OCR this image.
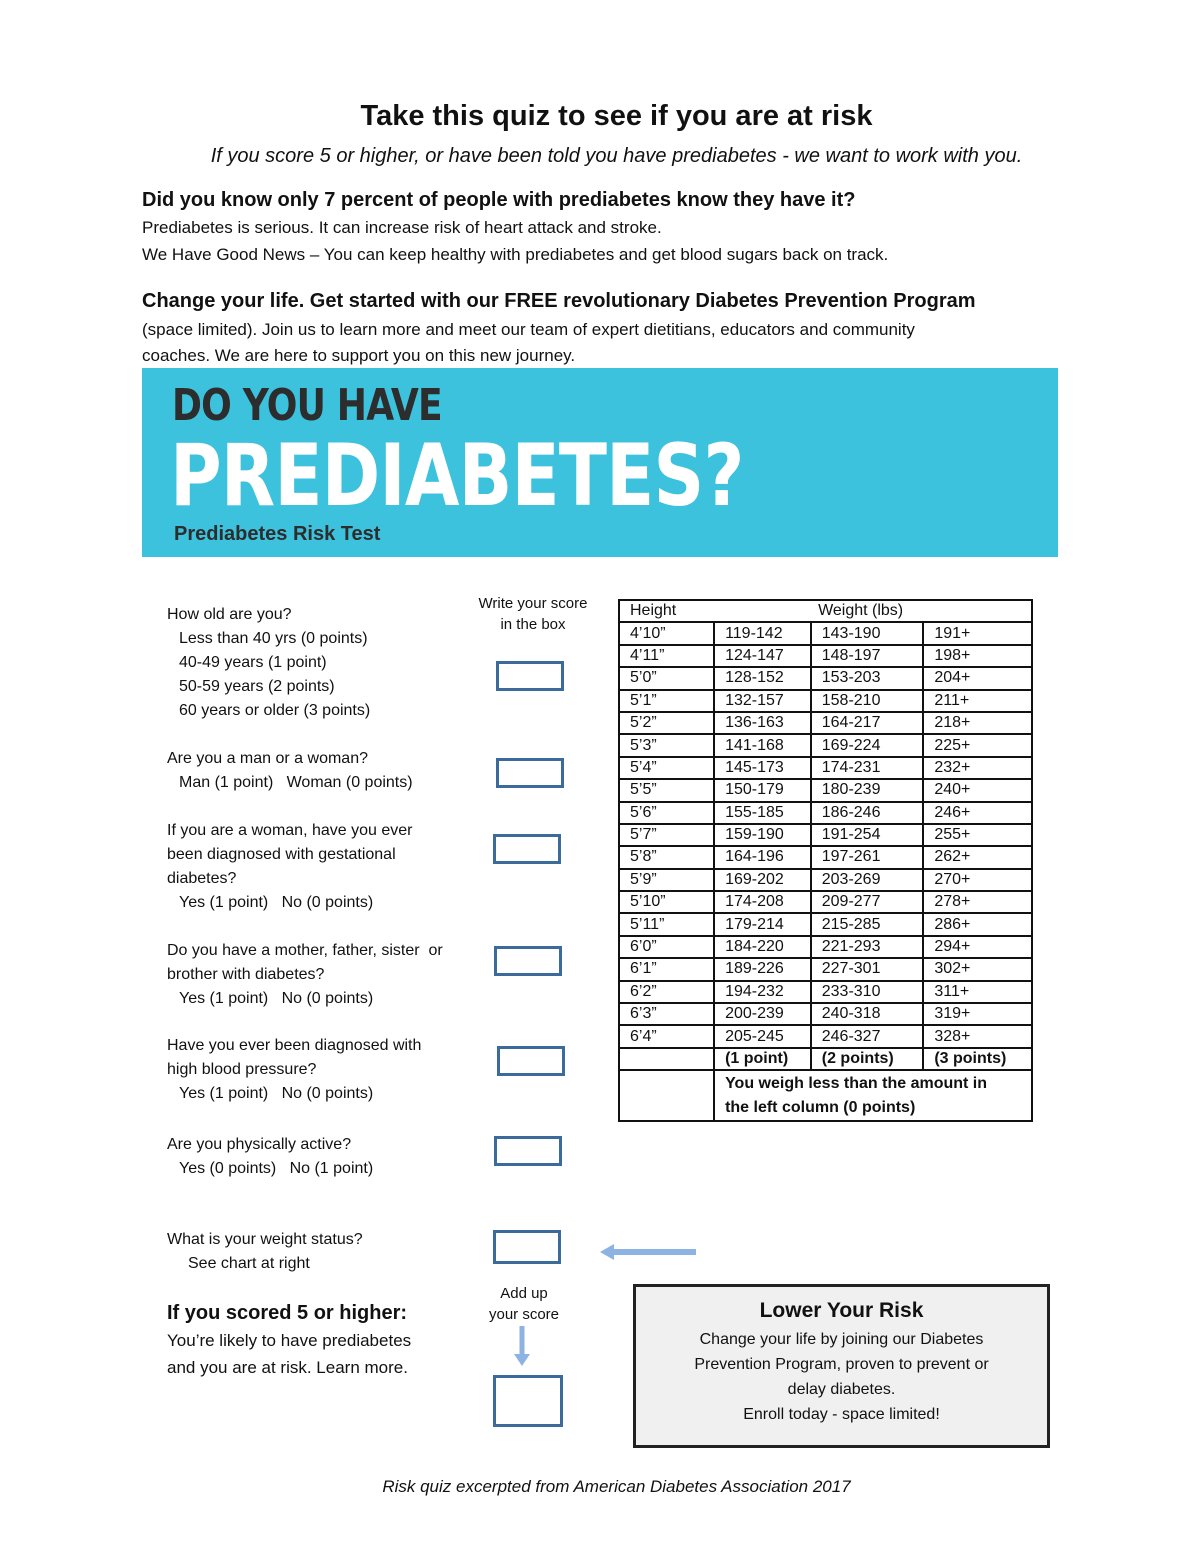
Take this quiz to see if you are at risk
If you score 5 or higher, or have been told you have prediabetes - we want to work with you.
Did you know only 7 percent of people with prediabetes know they have it?
Prediabetes is serious. It can increase risk of heart attack and stroke.
We Have Good News – You can keep healthy with prediabetes and get blood sugars back on track.
Change your life. Get started with our FREE revolutionary Diabetes Prevention Program
(space limited). Join us to learn more and meet our team of expert dietitians, educators and community
coaches. We are here to support you on this new journey.
DO YOU HAVE
PREDIABETES?
Prediabetes Risk Test
Write your score
in the box
How old are you?
Less than 40 yrs (0 points)
40-49 years (1 point)
50-59 years (2 points)
60 years or older (3 points)
Are you a man or a woman?
Man (1 point)   Woman (0 points)
If you are a woman, have you ever
been diagnosed with gestational
diabetes?
Yes (1 point)   No (0 points)
Do you have a mother, father, sister  or
brother with diabetes?
Yes (1 point)   No (0 points)
Have you ever been diagnosed with
high blood pressure?
Yes (1 point)   No (0 points)
Are you physically active?
Yes (0 points)   No (1 point)
What is your weight status?
See chart at right
Add up
your score
If you scored 5 or higher:
You’re likely to have prediabetes
and you are at risk. Learn more.
Height	Weight (lbs)		
4’10”	119-142	143-190	191+
4’11”	124-147	148-197	198+
5’0”	128-152	153-203	204+
5’1”	132-157	158-210	211+
5’2”	136-163	164-217	218+
5’3”	141-168	169-224	225+
5’4”	145-173	174-231	232+
5’5”	150-179	180-239	240+
5’6”	155-185	186-246	246+
5’7”	159-190	191-254	255+
5’8”	164-196	197-261	262+
5’9”	169-202	203-269	270+
5’10”	174-208	209-277	278+
5’11”	179-214	215-285	286+
6’0”	184-220	221-293	294+
6’1”	189-226	227-301	302+
6’2”	194-232	233-310	311+
6’3”	200-239	240-318	319+
6’4”	205-245	246-327	328+
	(1 point)	(2 points)	(3 points)

	You weigh less than the amount in
the left column (0 points)		
Lower Your Risk
Change your life by joining our Diabetes
Prevention Program, proven to prevent or
delay diabetes.
Enroll today - space limited!
Risk quiz excerpted from American Diabetes Association 2017
